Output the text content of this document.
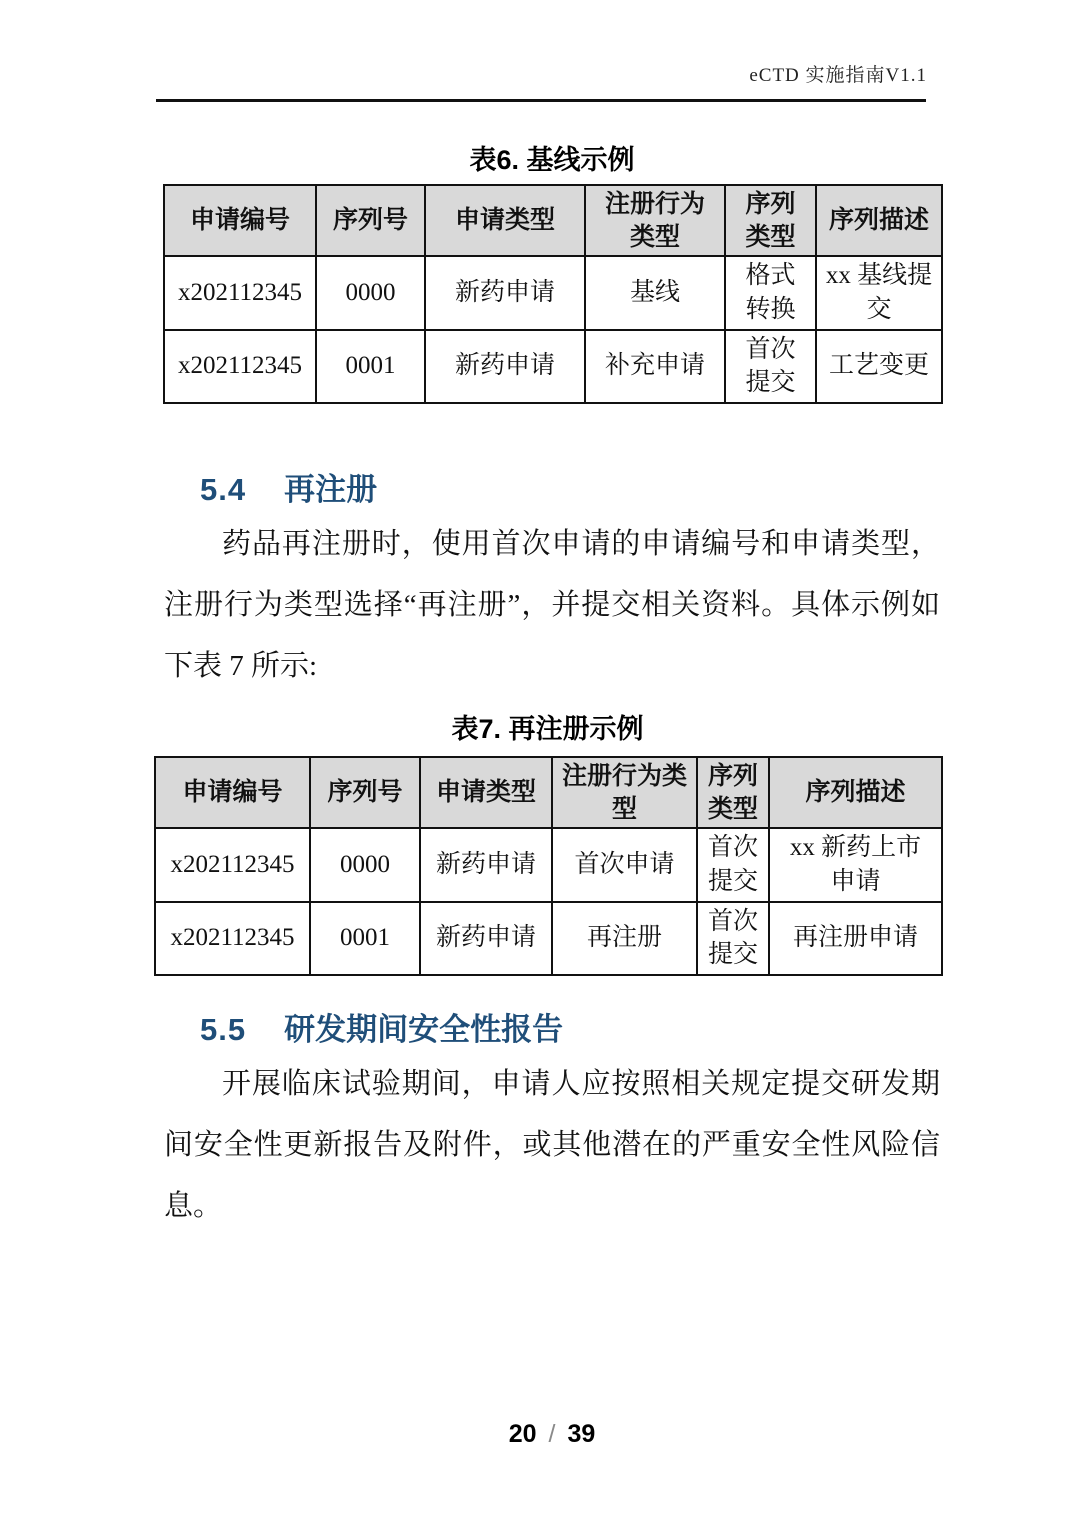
eCTD 实施指南V1.1
表6. 基线示例
申请编号	序列号	申请类型	注册行为类型	序列类型	序列描述
x202112345	0000	新药申请	基线	格式转换	xx 基线提交
x202112345	0001	新药申请	补充申请	首次提交	工艺变更
5.4 再注册

药品再注册时，使用首次申请的申请编号和申请类型，注册行为类型选择“再注册”，并提交相关资料。具体示例如下表 7 所示:

表7. 再注册示例
申请编号	序列号	申请类型	注册行为类型	序列类型	序列描述
x202112345	0000	新药申请	首次申请	首次提交	xx 新药上市申请
x202112345	0001	新药申请	再注册	首次提交	再注册申请
5.5 研发期间安全性报告

开展临床试验期间，申请人应按照相关规定提交研发期间安全性更新报告及附件，或其他潜在的严重安全性风险信息。

20 / 39
